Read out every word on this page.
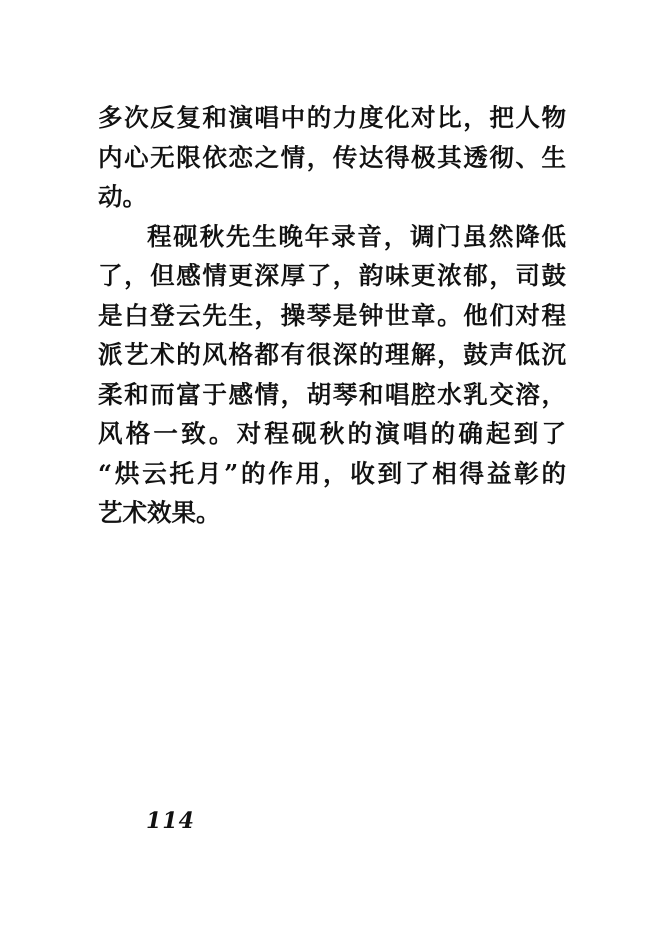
多次反复和演唱中的力度化对比，把人物
内心无限依恋之情，传达得极其透彻、生
动。
程砚秋先生晚年录音，调门虽然降低
了，但感情更深厚了，韵味更浓郁，司鼓
是白登云先生，操琴是钟世章。他们对程
派艺术的风格都有很深的理解，鼓声低沉
柔和而富于感情，胡琴和唱腔水乳交溶，
风格一致。对程砚秋的演唱的确起到了
“烘云托月”的作用，收到了相得益彰的
艺术效果。
114
